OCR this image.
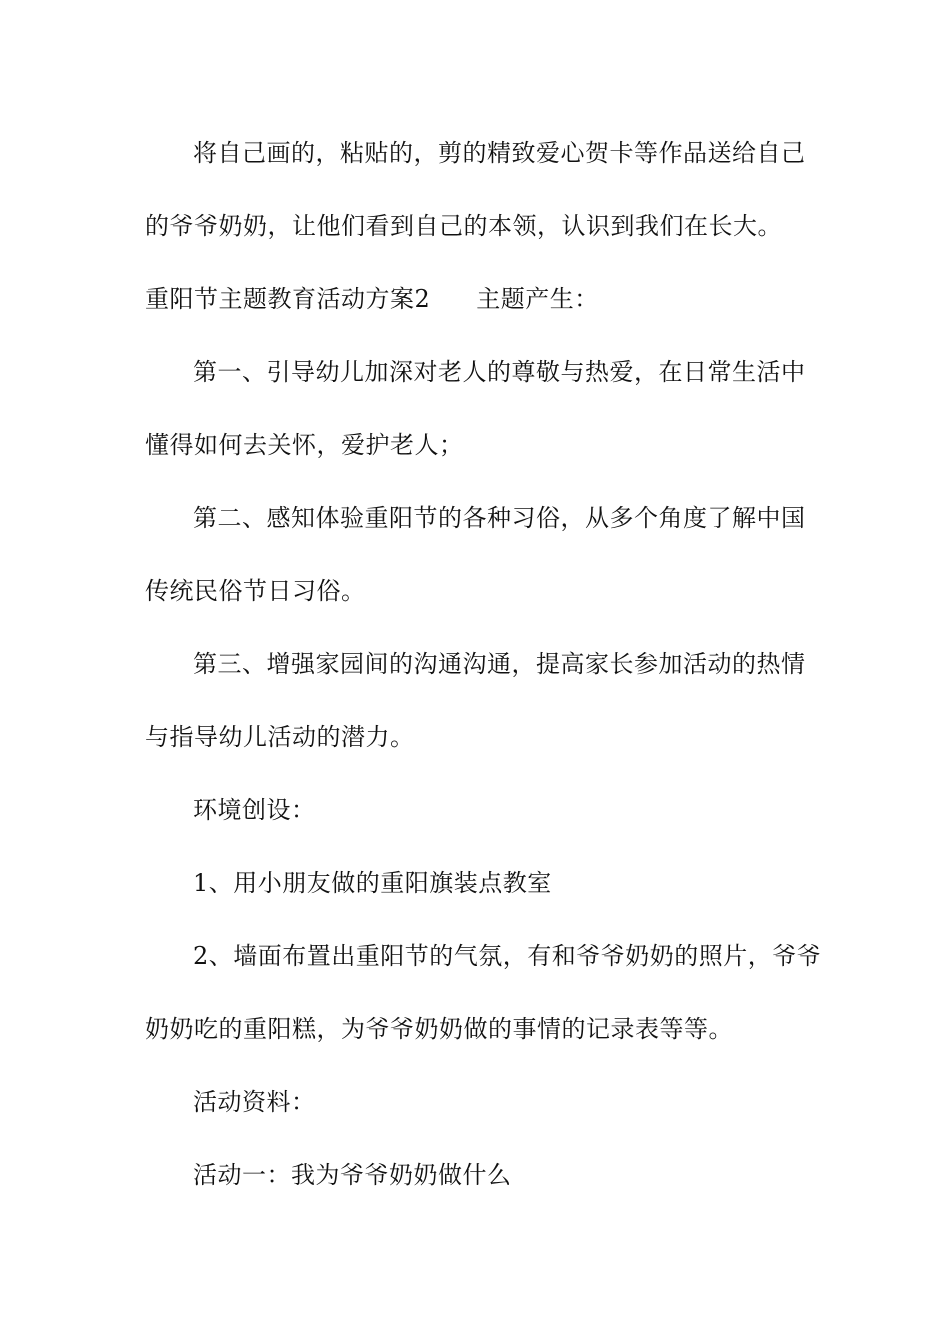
将自己画的，粘贴的，剪的精致爱心贺卡等作品送给自己
的爷爷奶奶，让他们看到自己的本领，认识到我们在长大。
重阳节主题教育活动方案2 主题产生：
第一、引导幼儿加深对老人的尊敬与热爱，在日常生活中
懂得如何去关怀，爱护老人；
第二、感知体验重阳节的各种习俗，从多个角度了解中国
传统民俗节日习俗。
第三、增强家园间的沟通沟通，提高家长参加活动的热情
与指导幼儿活动的潜力。
环境创设：
1、用小朋友做的重阳旗装点教室
2、墙面布置出重阳节的气氛，有和爷爷奶奶的照片，爷爷
奶奶吃的重阳糕，为爷爷奶奶做的事情的记录表等等。
活动资料：
活动一：我为爷爷奶奶做什么
